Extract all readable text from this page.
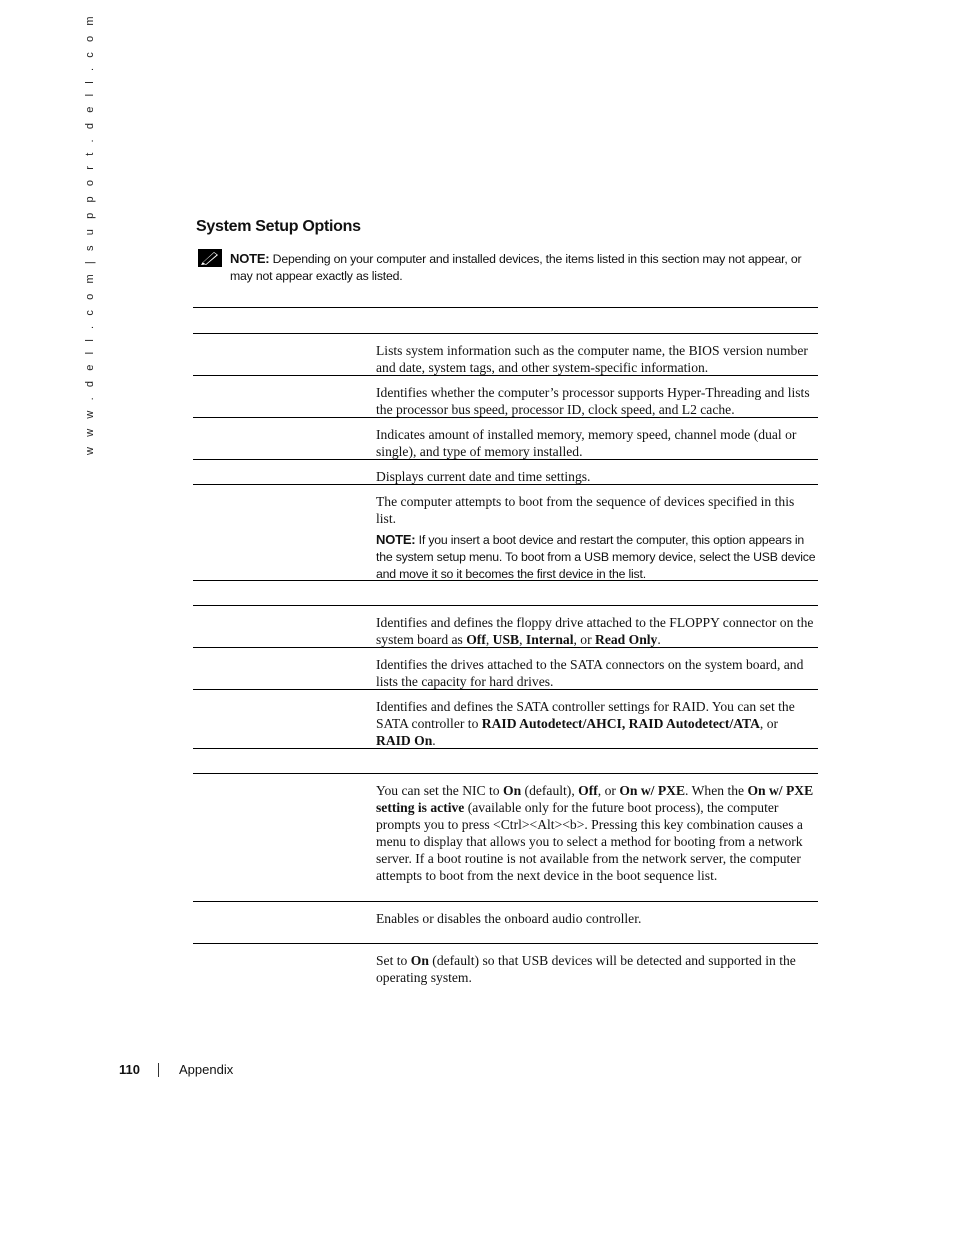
w w w . d e l l . c o m | s u p p o r t . d e l l . c o m	System Setup Options
NOTE: Depending on your computer and installed devices, the items listed in this section may not appear, or may not appear exactly as listed.
Lists system information such as the computer name, the BIOS version number and date, system tags, and other system-specific information.
Identifies whether the computer’s processor supports Hyper-Threading and lists the processor bus speed, processor ID, clock speed, and L2 cache.
Indicates amount of installed memory, memory speed, channel mode (dual or single), and type of memory installed.
Displays current date and time settings.
The computer attempts to boot from the sequence of devices specified in this list.
NOTE: If you insert a boot device and restart the computer, this option appears in the system setup menu. To boot from a USB memory device, select the USB device and move it so it becomes the first device in the list.
Identifies and defines the floppy drive attached to the FLOPPY connector on the system board as Off, USB, Internal, or Read Only.
Identifies the drives attached to the SATA connectors on the system board, and lists the capacity for hard drives.
Identifies and defines the SATA controller settings for RAID. You can set the SATA controller to RAID Autodetect/AHCI, RAID Autodetect/ATA, or RAID On.
You can set the NIC to On (default), Off, or On w/ PXE. When the On w/ PXE setting is active (available only for the future boot process), the computer prompts you to press <Ctrl><Alt><b>. Pressing this key combination causes a menu to display that allows you to select a method for booting from a network server. If a boot routine is not available from the network server, the computer attempts to boot from the next device in the boot sequence list.
Enables or disables the onboard audio controller.
Set to On (default) so that USB devices will be detected and supported in the operating system.
110	Appendix
